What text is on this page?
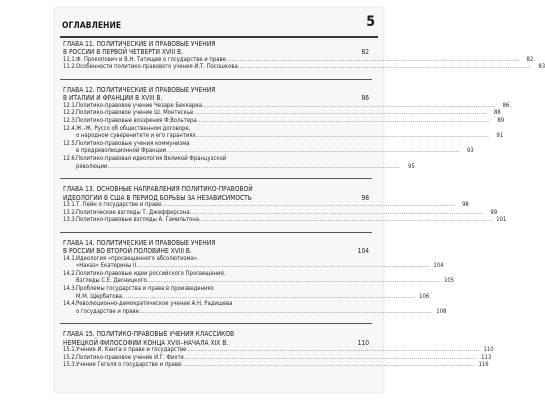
ОГЛАВЛЕНИЕ	5
ГЛАВА 11. ПОЛИТИЧЕСКИЕ И ПРАВОВЫЕ УЧЕНИЯ
В РОССИИ В ПЕРВОЙ ЧЕТВЕРТИ XVIII В.	82
11.1. Ф. Прокопович и В.Н. Татищев о государстве и праве .....	82
11.2. Особенности политико-правового учения И.Т. Посошкова .....	83
ГЛАВА 12. ПОЛИТИЧЕСКИЕ И ПРАВОВЫЕ УЧЕНИЯ
В ИТАЛИИ И ФРАНЦИИ В XVIII В.	86
12.1. Политико-правовое учение Чезаре Беккариа .....	86
12.2. Политико-правовое учение Ш. Монтескье .....	88
12.3. Политико-правовые воззрения Ф.Вольтера .....	89
12.4. Ж.-Ж. Руссо об общественном договоре,
о народном суверенитете и его гарантиях .....	91
12.5. Политико-правовые учения коммунизма
в предреволюционной Франции .....	93
12.6. Политико-правовая идеология Великой Французской
революции .....	95
ГЛАВА 13. ОСНОВНЫЕ НАПРАВЛЕНИЯ ПОЛИТИКО-ПРАВОВОЙ
ИДЕОЛОГИИ В США В ПЕРИОД БОРЬБЫ ЗА НЕЗАВИСИМОСТЬ	98
13.1. Т. Пейн о государстве и праве .....	98
13.2. Политические взгляды Т. Джефферсона .....	99
13.3. Политико-правовые взгляды А. Гамильтона .....	101
ГЛАВА 14. ПОЛИТИЧЕСКИЕ И ПРАВОВЫЕ УЧЕНИЯ
В РОССИИ ВО ВТОРОЙ ПОЛОВИНЕ XVIII В.	104
14.1. Идеология «просвещенного абсолютизма».
«Наказ» Екатерины II .....	104
14.2. Политико-правовые идеи российского Просвещения.
Взгляды С.Е. Десницкого .....	105
14.3. Проблемы государства и права в произведениях
М.М. Щербатова .....	106
14.4. Революционно-демократическое учение А.Н. Радищева
о государстве и праве .....	108
ГЛАВА 15. ПОЛИТИКО-ПРАВОВЫЕ УЧЕНИЯ КЛАССИКОВ
НЕМЕЦКОЙ ФИЛОСОФИИ КОНЦА XVIII–НАЧАЛА XIX В.	110
15.1. Учение И. Канта о праве и государстве .....	110
15.2. Политико-правовое учение И.Г. Фихте .....	113
15.3. Учение Гегеля о государстве и праве .....	116
